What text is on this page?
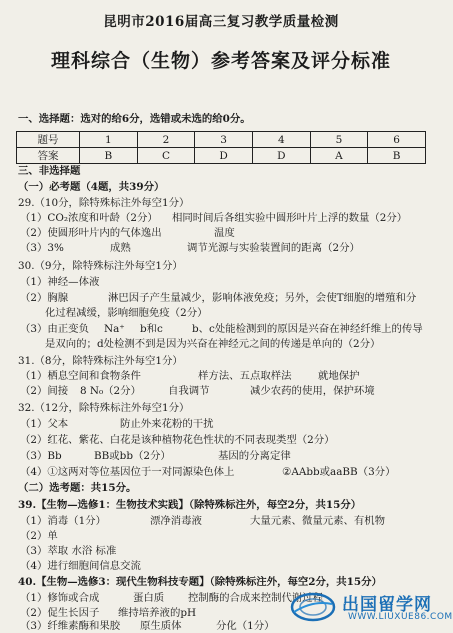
昆明市2016届高三复习教学质量检测
理科综合（生物）参考答案及评分标准
一、选择题：选对的给6分，选错或未选的给0分。
题号	1	2	3	4	5	6
答案	B	C	D	D	A	B
三、非选择题
（一）必考题（4题，共39分）
29.（10分，除特殊标注外每空1分）
（1）CO₂浓度和叶龄（2分） 相同时间后各组实验中圆形叶片上浮的数量（2分）
（2）使圆形叶片内的气体逸出	温度
（3）3%	成熟	调节光源与实验装置间的距离（2分）
30.（9分，除特殊标注外每空1分）
（1）神经—体液
（2）胸腺	淋巴因子产生量减少，影响体液免疫；另外，会使T细胞的增殖和分
化过程减缓，影响细胞免疫（2分）
（3）由正变负 Na⁺ b和c	b、c处能检测到的原因是兴奋在神经纤维上的传导
是双向的；d处检测不到是因为兴奋在神经元之间的传递是单向的（2分）
31.（8分，除特殊标注外每空1分）
（1）栖息空间和食物条件	样方法、五点取样法	就地保护
（2）间接 8 N₀（2分）	自我调节	减少农药的使用，保护环境
32.（12分，除特殊标注外每空1分）
（1）父本	防止外来花粉的干扰
（2）红花、紫花、白花是该种植物花色性状的不同表现类型（2分）
（3）Bb	BB或bb（2分）	基因的分离定律
（4）①这两对等位基因位于一对同源染色体上	②AAbb或aaBB（3分）
（二）选考题：共15分。
39.【生物—选修1：生物技术实践】（除特殊标注外，每空2分，共15分）
（1）消毒（1分）	漂净消毒液	大量元素、微量元素、有机物
（2）单
（3）萃取 水浴 标准
（4）进行细胞间信息交流
40.【生物—选修3：现代生物科技专题】（除特殊标注外，每空2分，共15分）
（1）修饰或合成	蛋白质 控制酶的合成来控制代谢过程
（2）促生长因子 维持培养液的pH
（3）纤维素酶和果胶 原生质体	分化（1分）
出国留学网
WWW.LIUXUE86.COM
